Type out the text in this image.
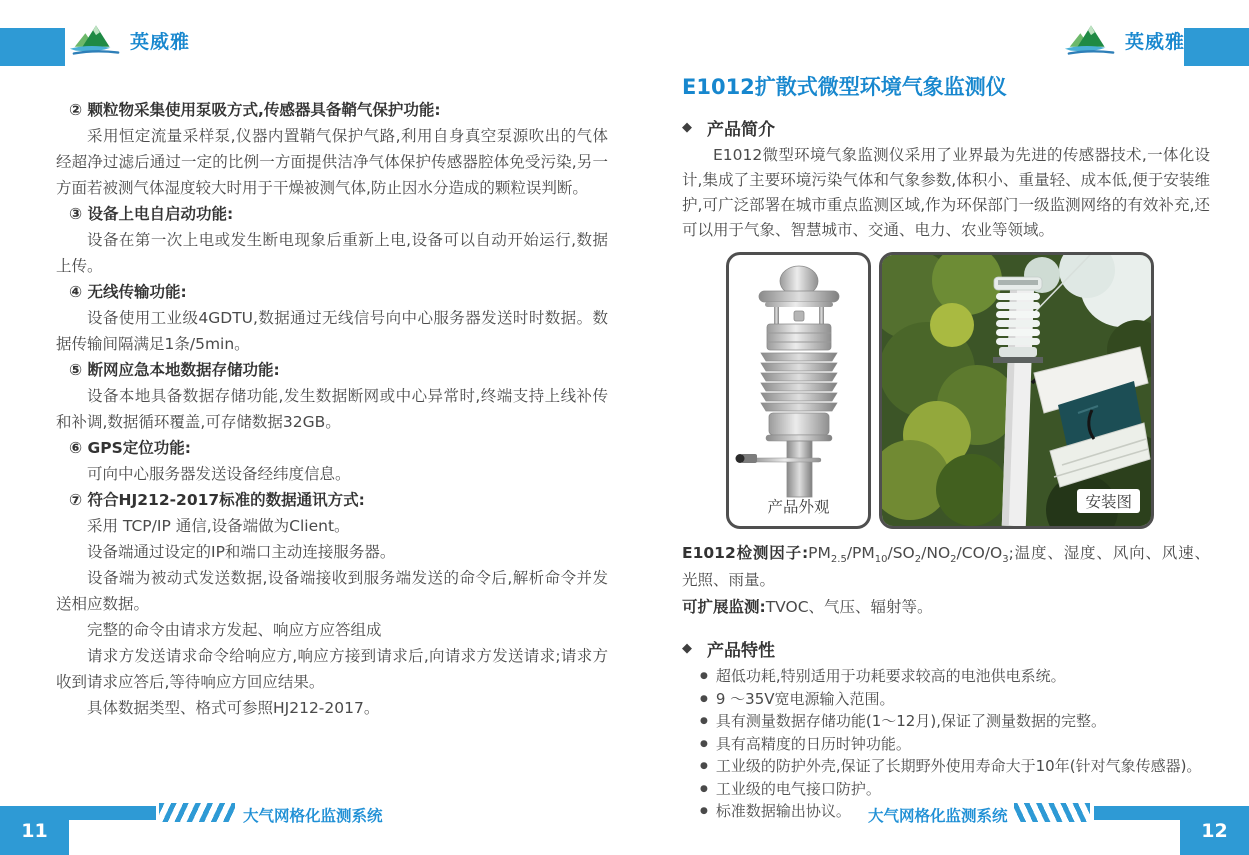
英威雅	英威雅
② 颗粒物采集使用泵吸方式,传感器具备鞘气保护功能:
采用恒定流量采样泵,仪器内置鞘气保护气路,利用自身真空泵源吹出的气体经超净过滤后通过一定的比例一方面提供洁净气体保护传感器腔体免受污染,另一方面若被测气体湿度较大时用于干燥被测气体,防止因水分造成的颗粒误判断。
③ 设备上电自启动功能:
设备在第一次上电或发生断电现象后重新上电,设备可以自动开始运行,数据上传。
④ 无线传输功能:
设备使用工业级4GDTU,数据通过无线信号向中心服务器发送时时数据。数据传输间隔满足1条/5min。
⑤ 断网应急本地数据存储功能:
设备本地具备数据存储功能,发生数据断网或中心异常时,终端支持上线补传和补调,数据循环覆盖,可存储数据32GB。
⑥ GPS定位功能:
可向中心服务器发送设备经纬度信息。
⑦ 符合HJ212-2017标准的数据通讯方式:
采用 TCP/IP 通信,设备端做为Client。
设备端通过设定的IP和端口主动连接服务器。
设备端为被动式发送数据,设备端接收到服务端发送的命令后,解析命令并发送相应数据。
完整的命令由请求方发起、响应方应答组成
请求方发送请求命令给响应方,响应方接到请求后,向请求方发送请求;请求方收到请求应答后,等待响应方回应结果。
具体数据类型、格式可参照HJ212-2017。
E1012扩散式微型环境气象监测仪
◆ 产品简介
E1012微型环境气象监测仪采用了业界最为先进的传感器技术,一体化设计,集成了主要环境污染气体和气象参数,体积小、重量轻、成本低,便于安装维护,可广泛部署在城市重点监测区域,作为环保部门一级监测网络的有效补充,还可以用于气象、智慧城市、交通、电力、农业等领域。
产品外观	安装图
E1012检测因子$:PM_{2.5}/PM_{10}/SO_2/NO_2/CO/O_3$;温度、湿度、风向、风速、光照、雨量。
可扩展监测:TVOC、气压、辐射等。
◆ 产品特性
● 超低功耗,特别适用于功耗要求较高的电池供电系统。
● 9 ～35V宽电源输入范围。
● 具有测量数据存储功能(1～12月),保证了测量数据的完整。
● 具有高精度的日历时钟功能。
● 工业级的防护外壳,保证了长期野外使用寿命大于10年(针对气象传感器)。
● 工业级的电气接口防护。
● 标准数据输出协议。
大气网格化监测系统
11
大气网格化监测系统
12
